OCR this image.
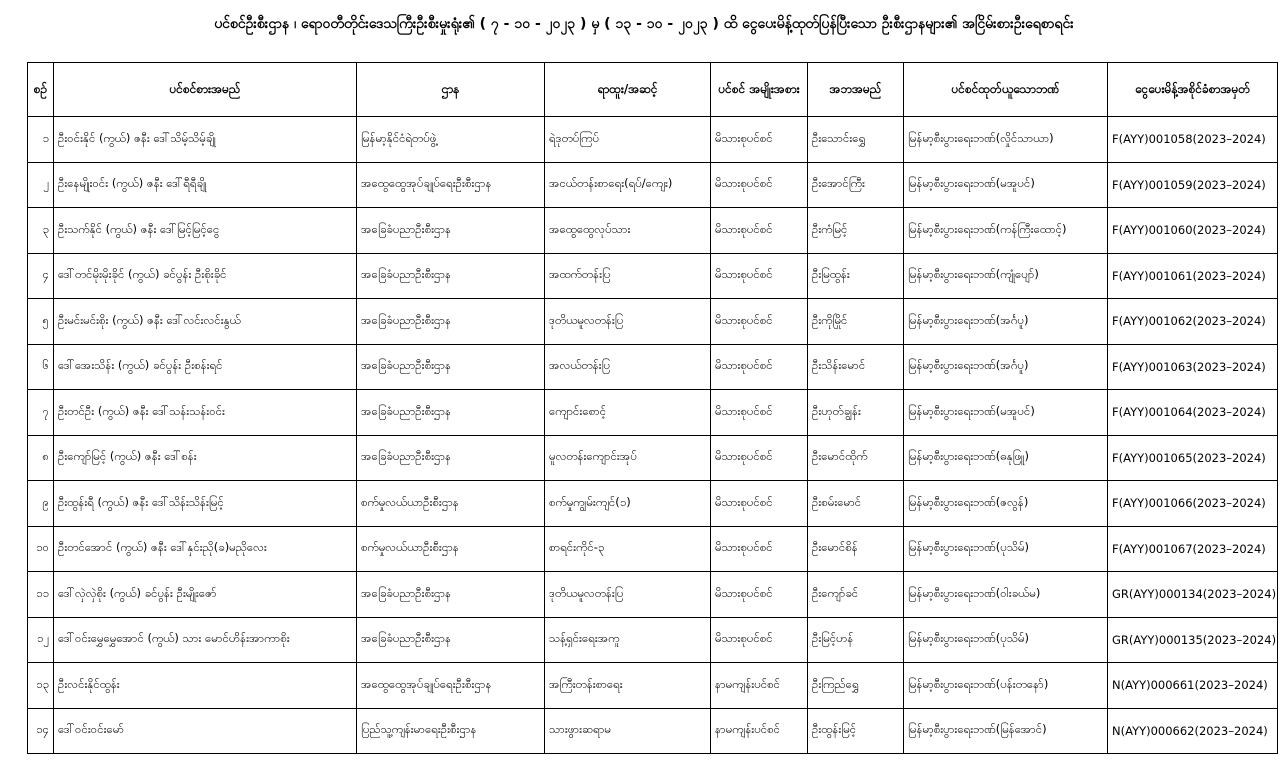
ပင်စင်ဦးစီးဌာန ၊ ရော၀တီတိုင်းဒေသကြီးဦးစီးမှုးရုံး၏ ( ၇ - ၁၀ - ၂၀၂၃ ) မှ ( ၁၃ - ၁၀ - ၂၀၂၃ ) ထိ ငွေပေးမိန့်ထုတ်ပြန်ပြီးသော ဦးစီးဌာနများ၏ အငြိမ်းစားဦးရေစာရင်း
စဉ်	ပင်စင်စားအမည်	ဌာန	ရာထူး/အဆင့်	ပင်စင် အမျိုးအစား	အဘအမည်	ပင်စင်ထုတ်ယူသောဘဏ်	ငွေပေးမိန့်အစိုင်ခံစာအမှတ်
၁	ဦးဝင်းနိုင် (ကွယ်) ဇနီး ဒေါ်သိမ့်သိမ့်ချို	မြန်မာ့နိုင်ငံရဲတပ်ဖွဲ့	ရဲဒုတပ်ကြပ်	မိသားစုပင်စင်	ဦးသောင်းရွှေ	မြန်မာ့စီးပွားရေးဘဏ်(လှိုင်သာယာ)	F(AYY)001058(2023–2024)
၂	ဦးနေမျိုးဝင်း (ကွယ်) ဇနီး ဒေါ်ရီရီချို	အထွေထွေအုပ်ချုပ်ရေးဦးစီးဌာန	အငယ်တန်းစာရေး(ရပ်/ကျေး)	မိသားစုပင်စင်	ဦးအောင်ကြီး	မြန်မာ့စီးပွားရေးဘဏ်(မအူပင်)	F(AYY)001059(2023–2024)
၃	ဦးသက်နိုင် (ကွယ်) ဇနီး ဒေါ်မြင့်မြင့်ငွေ	အခြေခံပညာဦးစီးဌာန	အထွေထွေလုပ်သား	မိသားစုပင်စင်	ဦးကံမြင့်	မြန်မာ့စီးပွားရေးဘဏ်(ကန်ကြီးထောင့်)	F(AYY)001060(2023–2024)
၄	ဒေါ်တင်မိုးမိုးခိုင် (ကွယ်) ခင်ပွန်း ဦးစိုးခိုင်	အခြေခံပညာဦးစီးဌာန	အထက်တန်းပြ	မိသားစုပင်စင်	ဦးမြထွန်း	မြန်မာ့စီးပွားရေးဘဏ်(ကျုံပျော်)	F(AYY)001061(2023–2024)
၅	ဦးမင်းမင်းစိုး (ကွယ်) ဇနီး ဒေါ်လင်းလင်းနွယ်	အခြေခံပညာဦးစီးဌာန	ဒုတိယမူလတန်းပြ	မိသားစုပင်စင်	ဦးကိုမြိုင်	မြန်မာ့စီးပွားရေးဘဏ်(အင်္ဂပူ)	F(AYY)001062(2023–2024)
၆	ဒေါ်အေးသိန်း (ကွယ်) ခင်ပွန်း ဦးစန်းရင်	အခြေခံပညာဦးစီးဌာန	အလယ်တန်းပြ	မိသားစုပင်စင်	ဦးသိန်းမောင်	မြန်မာ့စီးပွားရေးဘဏ်(အင်္ဂပူ)	F(AYY)001063(2023–2024)
၇	ဦးတင်ဦး (ကွယ်) ဇနီး ဒေါ်သန်းသန်းဝင်း	အခြေခံပညာဦးစီးဌာန	ကျောင်းစောင့်	မိသားစုပင်စင်	ဦးဟုတ်ချွန်း	မြန်မာ့စီးပွားရေးဘဏ်(မအူပင်)	F(AYY)001064(2023–2024)
၈	ဦးကျော်မြင့် (ကွယ်) ဇနီး ဒေါ်စန်း	အခြေခံပညာဦးစီးဌာန	မူလတန်းကျောင်းအုပ်	မိသားစုပင်စင်	ဦးမောင်ထိုက်	မြန်မာ့စီးပွားရေးဘဏ်(ဓနုဖြူ)	F(AYY)001065(2023–2024)
၉	ဦးထွန်းရီ (ကွယ်) ဇနီး ဒေါ်သိန်းသိန်းမြင့်	စက်မှုလယ်ယာဦးစီးဌာန	စက်မှုကျွမ်းကျင်(၁)	မိသားစုပင်စင်	ဦးစမ်းမောင်	မြန်မာ့စီးပွားရေးဘဏ်(ဇလွန်)	F(AYY)001066(2023–2024)
၁၀	ဦးတင်အောင် (ကွယ်) ဇနီး ဒေါ်နှင်းညို(ခ)မညိုလေး	စက်မှုလယ်ယာဦးစီးဌာန	စာရင်းကိုင်-၃	မိသားစုပင်စင်	ဦးမောင်စိန်	မြန်မာ့စီးပွားရေးဘဏ်(ပုသိမ်)	F(AYY)001067(2023–2024)
၁၁	ဒေါ်လှဲလှဲစိုး (ကွယ်) ခင်ပွန်း ဦးမျိုးဇော်	အခြေခံပညာဦးစီးဌာန	ဒုတိယမူလတန်းပြ	မိသားစုပင်စင်	ဦးကျော်ခင်	မြန်မာ့စီးပွားရေးဘဏ်(ဝါးခယ်မ)	GR(AYY)000134(2023–2024)
၁၂	ဒေါ်ဝင်းမွှေမွှေအောင် (ကွယ်) သား မောင်ဟိန်းအာကာစိုး	အခြေခံပညာဦးစီးဌာန	သန့်ရှင်းရေးအကူ	မိသားစုပင်စင်	ဦးမြင့်ဟန်	မြန်မာ့စီးပွားရေးဘဏ်(ပုသိမ်)	GR(AYY)000135(2023–2024)
၁၃	ဦးလင်းနိုင်ထွန်း	အထွေထွေအုပ်ချုပ်ရေးဦးစီးဌာန	အကြီးတန်းစာရေး	နာမကျန်းပင်စင်	ဦးကြည်ရွှေ	မြန်မာ့စီးပွားရေးဘဏ်(ပန်းတနော်)	N(AYY)000661(2023–2024)
၁၄	ဒေါ်ဝင်းဝင်းမော်	ပြည်သူ့ကျန်းမာရေးဦးစီးဌာန	သားဖွားဆရာမ	နာမကျန်းပင်စင်	ဦးထွန်းမြင့်	မြန်မာ့စီးပွားရေးဘဏ်(မြန်အောင်)	N(AYY)000662(2023–2024)
